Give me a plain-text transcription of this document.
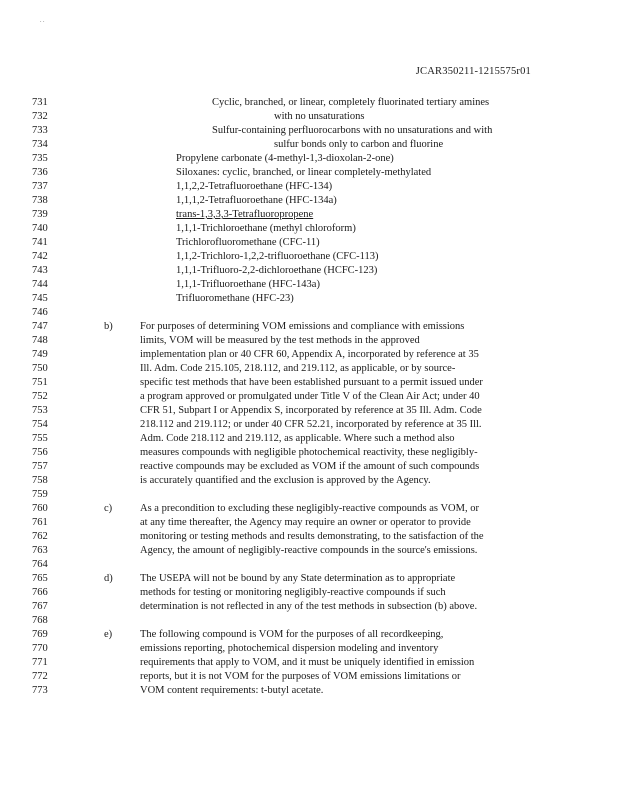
. .
JCAR350211-1215575r01
731	Cyclic, branched, or linear, completely fluorinated tertiary amines
732	with no unsaturations
733	Sulfur-containing perfluorocarbons with no unsaturations and with
734	sulfur bonds only to carbon and fluorine
735	Propylene carbonate (4-methyl-1,3-dioxolan-2-one)
736	Siloxanes: cyclic, branched, or linear completely-methylated
737	1,1,2,2-Tetrafluoroethane (HFC-134)
738	1,1,1,2-Tetrafluoroethane (HFC-134a)
739	trans-1,3,3,3-Tetrafluoropropene
740	1,1,1-Trichloroethane (methyl chloroform)
741	Trichlorofluoromethane (CFC-11)
742	1,1,2-Trichloro-1,2,2-trifluoroethane (CFC-113)
743	1,1,1-Trifluoro-2,2-dichloroethane (HCFC-123)
744	1,1,1-Trifluoroethane (HFC-143a)
745	Trifluoromethane (HFC-23)
746
747	b)	For purposes of determining VOM emissions and compliance with emissions
748	limits, VOM will be measured by the test methods in the approved
749	implementation plan or 40 CFR 60, Appendix A, incorporated by reference at 35
750	Ill. Adm. Code 215.105, 218.112, and 219.112, as applicable, or by source-
751	specific test methods that have been established pursuant to a permit issued under
752	a program approved or promulgated under Title V of the Clean Air Act; under 40
753	CFR 51, Subpart I or Appendix S, incorporated by reference at 35 Ill. Adm. Code
754	218.112 and 219.112; or under 40 CFR 52.21, incorporated by reference at 35 Ill.
755	Adm. Code 218.112 and 219.112, as applicable. Where such a method also
756	measures compounds with negligible photochemical reactivity, these negligibly-
757	reactive compounds may be excluded as VOM if the amount of such compounds
758	is accurately quantified and the exclusion is approved by the Agency.
759
760	c)	As a precondition to excluding these negligibly-reactive compounds as VOM, or
761	at any time thereafter, the Agency may require an owner or operator to provide
762	monitoring or testing methods and results demonstrating, to the satisfaction of the
763	Agency, the amount of negligibly-reactive compounds in the source's emissions.
764
765	d)	The USEPA will not be bound by any State determination as to appropriate
766	methods for testing or monitoring negligibly-reactive compounds if such
767	determination is not reflected in any of the test methods in subsection (b) above.
768
769	e)	The following compound is VOM for the purposes of all recordkeeping,
770	emissions reporting, photochemical dispersion modeling and inventory
771	requirements that apply to VOM, and it must be uniquely identified in emission
772	reports, but it is not VOM for the purposes of VOM emissions limitations or
773	VOM content requirements: t-butyl acetate.
